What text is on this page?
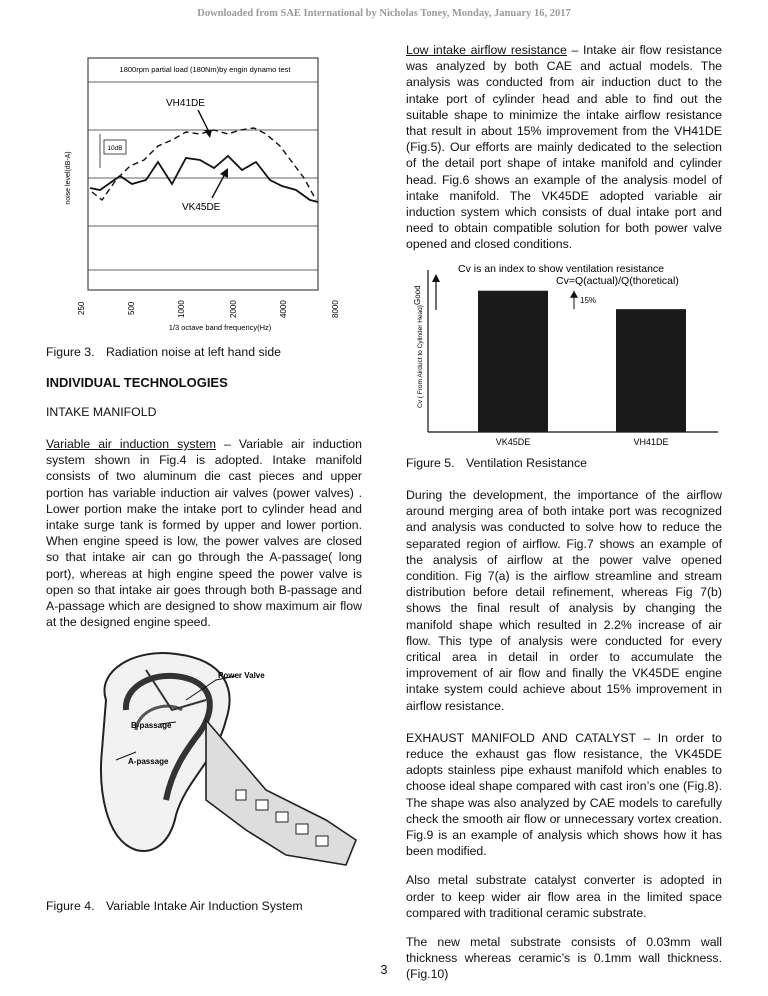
Downloaded from SAE International by Nicholas Toney, Monday, January 16, 2017
1800rpm partial load (180Nm)by engin dynamo test
noise level(dB-A)
10dB
VH41DE
VK45DE
250	500	1000	2000	4000	8000
1/3 octave band frequency(Hz)
Figure 3. Radiation noise at left hand side
INDIVIDUAL TECHNOLOGIES
INTAKE MANIFOLD

Variable air induction system – Variable air induction system shown in Fig.4 is adopted. Intake manifold consists of two aluminum die cast pieces and upper portion has variable induction air valves (power valves) . Lower portion make the intake port to cylinder head and intake surge tank is formed by upper and lower portion. When engine speed is low, the power valves are closed so that intake air can go through the A-passage( long port), whereas at high engine speed the power valve is open so that intake air goes through both B-passage and A-passage which are designed to show maximum air flow at the designed engine speed.

Power Valve
B-passage
A-passage
Figure 4. Variable Intake Air Induction System

Low intake airflow resistance – Intake air flow resistance was analyzed by both CAE and actual models. The analysis was conducted from air induction duct to the intake port of cylinder head and able to find out the suitable shape to minimize the intake airflow resistance that result in about 15% improvement from the VH41DE (Fig.5). Our efforts are mainly dedicated to the selection of the detail port shape of intake manifold and cylinder head. Fig.6 shows an example of the analysis model of intake manifold. The VK45DE adopted variable air induction system which consists of dual intake port and need to obtain compatible solution for both power valve opened and closed conditions.

Cv is an index to show ventilation resistance
Cv=Q(actual)/Q(thoretical)
Good
Cv ( From Airduct to Cylinder Head)
15%
VK45DE	VH41DE
Figure 5. Ventilation Resistance

During the development, the importance of the airflow around merging area of both intake port was recognized and analysis was conducted to solve how to reduce the separated region of airflow. Fig.7 shows an example of the analysis of airflow at the power valve opened condition. Fig 7(a) is the airflow streamline and stream distribution before detail refinement, whereas Fig 7(b) shows the final result of analysis by changing the manifold shape which resulted in 2.2% increase of air flow. This type of analysis were conducted for every critical area in detail in order to accumulate the improvement of air flow and finally the VK45DE engine intake system could achieve about 15% improvement in airflow resistance.

EXHAUST MANIFOLD AND CATALYST – In order to reduce the exhaust gas flow resistance, the VK45DE adopts stainless pipe exhaust manifold which enables to choose ideal shape compared with cast iron’s one (Fig.8). The shape was also analyzed by CAE models to carefully check the smooth air flow or unnecessary vortex creation. Fig.9 is an example of analysis which shows how it has been modified.

Also metal substrate catalyst converter is adopted in order to keep wider air flow area in the limited space compared with traditional ceramic substrate.

The new metal substrate consists of 0.03mm wall thickness whereas ceramic’s is 0.1mm wall thickness. (Fig.10)

3
